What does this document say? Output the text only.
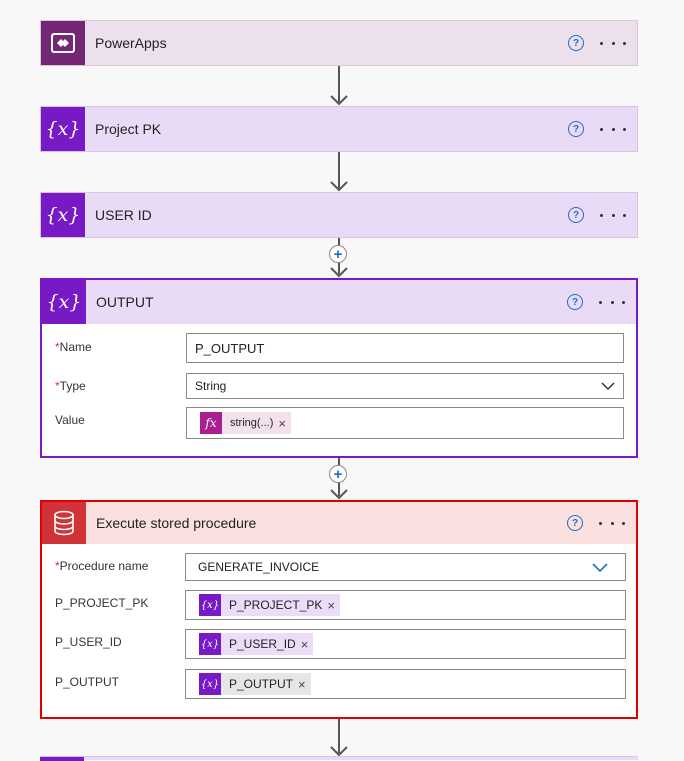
PowerApps	?
{x} Project PK	?
{x} USER ID	?
+
{x} OUTPUT	?
*Name	P_OUTPUT
*Type	String
Value	fx	string(...) ×
+
Execute stored procedure	?
*Procedure name	GENERATE_INVOICE
P_PROJECT_PK	{x} P_PROJECT_PK ×
P_USER_ID	{x} P_USER_ID ×
P_OUTPUT	{x} P_OUTPUT ×
